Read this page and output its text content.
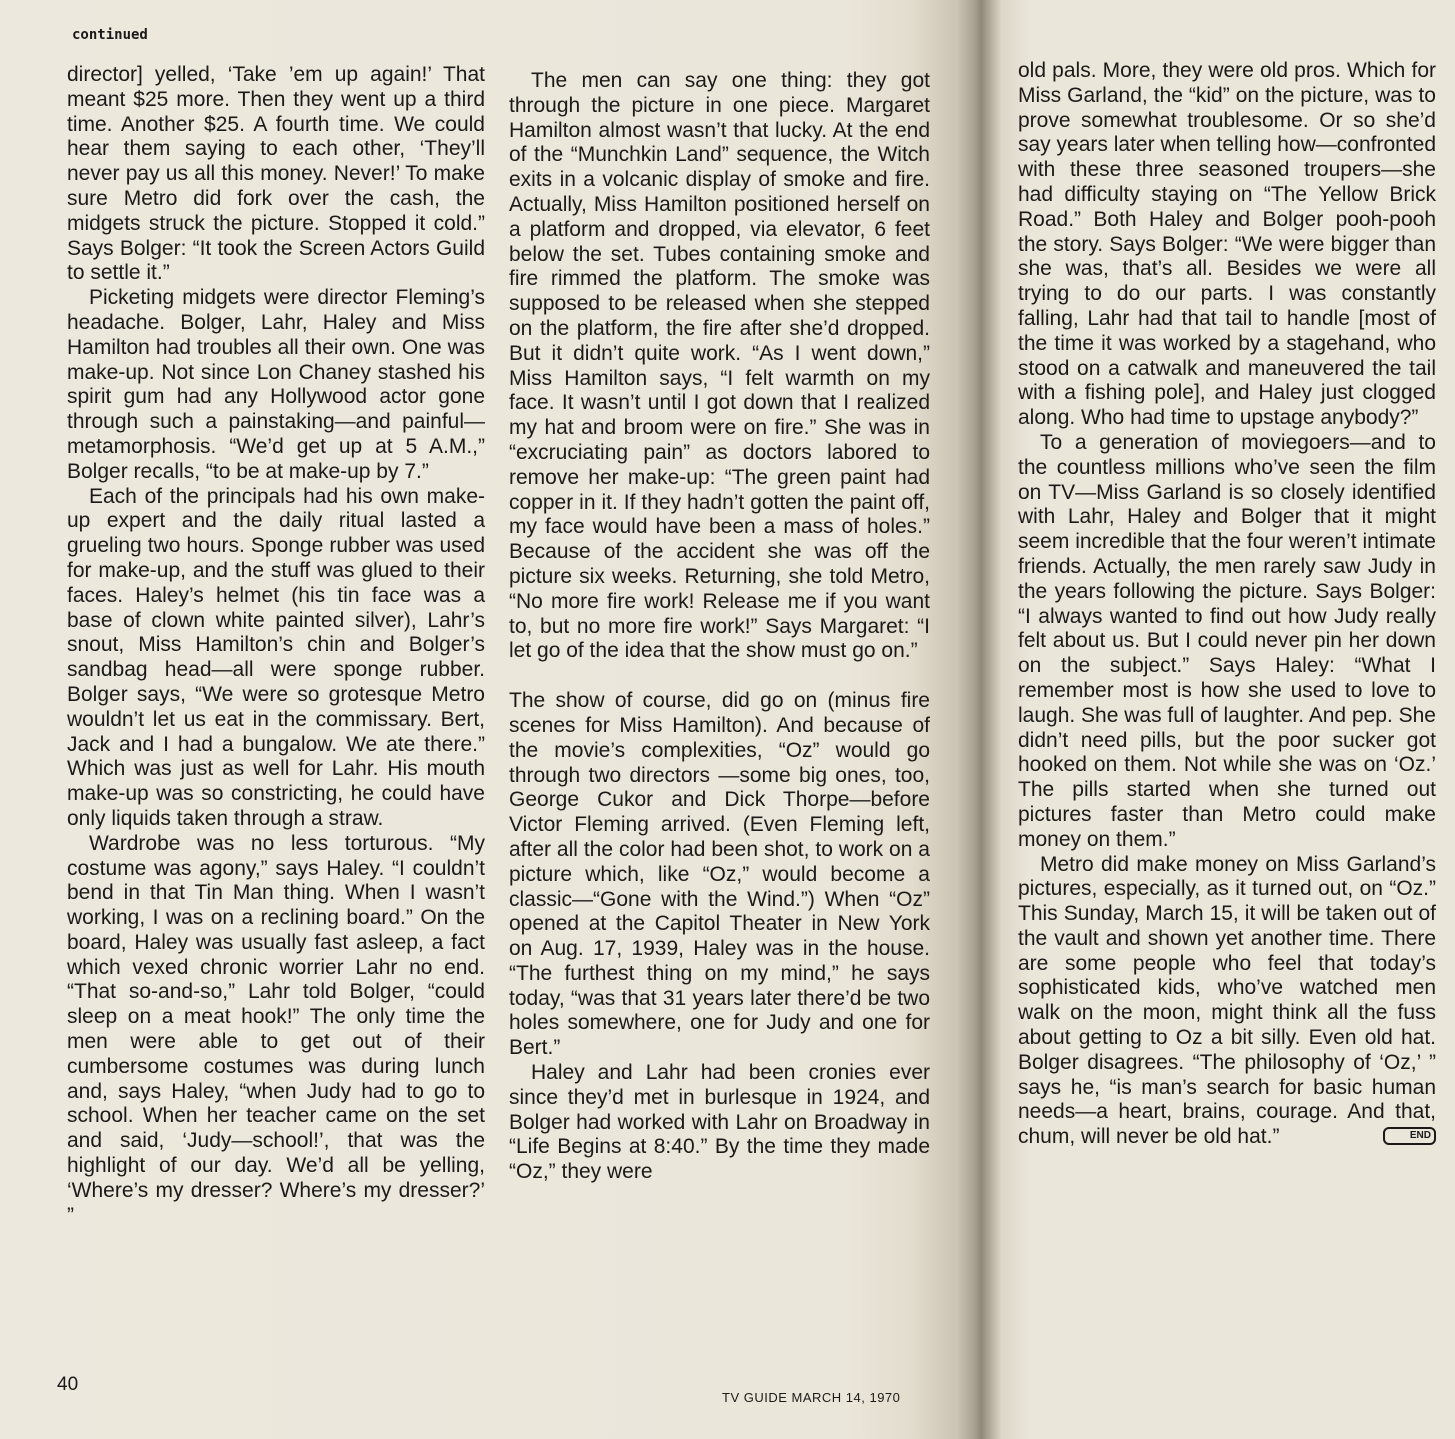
continued

director] yelled, ‘Take ’em up again!’ That meant $25 more. Then they went up a third time. Another $25. A fourth time. We could hear them saying to each other, ‘They’ll never pay us all this money. Never!’ To make sure Metro did fork over the cash, the midgets struck the picture. Stopped it cold.” Says Bolger: “It took the Screen Actors Guild to settle it.”

Picketing midgets were director Fleming’s headache. Bolger, Lahr, Haley and Miss Hamilton had troubles all their own. One was make-up. Not since Lon Chaney stashed his spirit gum had any Hollywood actor gone through such a painstaking—and painful—metamorphosis. “We’d get up at 5 A.M.,” Bolger recalls, “to be at make-up by 7.”

Each of the principals had his own make-up expert and the daily ritual lasted a grueling two hours. Sponge rubber was used for make-up, and the stuff was glued to their faces. Haley’s helmet (his tin face was a base of clown white painted silver), Lahr’s snout, Miss Hamilton’s chin and Bolger’s sandbag head—all were sponge rubber. Bolger says, “We were so grotesque Metro wouldn’t let us eat in the commissary. Bert, Jack and I had a bungalow. We ate there.” Which was just as well for Lahr. His mouth make-up was so constricting, he could have only liquids taken through a straw.

Wardrobe was no less torturous. “My costume was agony,” says Haley. “I couldn’t bend in that Tin Man thing. When I wasn’t working, I was on a reclining board.” On the board, Haley was usually fast asleep, a fact which vexed chronic worrier Lahr no end. “That so-and-so,” Lahr told Bolger, “could sleep on a meat hook!” The only time the men were able to get out of their cumbersome costumes was during lunch and, says Haley, “when Judy had to go to school. When her teacher came on the set and said, ‘Judy—school!’, that was the highlight of our day. We’d all be yelling, ‘Where’s my dresser? Where’s my dresser?’ ”

The men can say one thing: they got through the picture in one piece. Margaret Hamilton almost wasn’t that lucky. At the end of the “Munchkin Land” sequence, the Witch exits in a volcanic display of smoke and fire. Actually, Miss Hamilton positioned herself on a platform and dropped, via elevator, 6 feet below the set. Tubes containing smoke and fire rimmed the platform. The smoke was supposed to be released when she stepped on the platform, the fire after she’d dropped. But it didn’t quite work. “As I went down,” Miss Hamilton says, “I felt warmth on my face. It wasn’t until I got down that I realized my hat and broom were on fire.” She was in “excruciating pain” as doctors labored to remove her make-up: “The green paint had copper in it. If they hadn’t gotten the paint off, my face would have been a mass of holes.” Because of the accident she was off the picture six weeks. Returning, she told Metro, “No more fire work! Release me if you want to, but no more fire work!” Says Margaret: “I let go of the idea that the show must go on.”

The show of course, did go on (minus fire scenes for Miss Hamilton). And because of the movie’s complexities, “Oz” would go through two directors —some big ones, too, George Cukor and Dick Thorpe—before Victor Fleming arrived. (Even Fleming left, after all the color had been shot, to work on a picture which, like “Oz,” would become a classic—“Gone with the Wind.”) When “Oz” opened at the Capitol Theater in New York on Aug. 17, 1939, Haley was in the house. “The furthest thing on my mind,” he says today, “was that 31 years later there’d be two holes somewhere, one for Judy and one for Bert.”

Haley and Lahr had been cronies ever since they’d met in burlesque in 1924, and Bolger had worked with Lahr on Broadway in “Life Begins at 8:40.” By the time they made “Oz,” they were

old pals. More, they were old pros. Which for Miss Garland, the “kid” on the picture, was to prove somewhat troublesome. Or so she’d say years later when telling how—confronted with these three seasoned troupers—she had difficulty staying on “The Yellow Brick Road.” Both Haley and Bolger pooh-pooh the story. Says Bolger: “We were bigger than she was, that’s all. Besides we were all trying to do our parts. I was constantly falling, Lahr had that tail to handle [most of the time it was worked by a stagehand, who stood on a catwalk and maneuvered the tail with a fishing pole], and Haley just clogged along. Who had time to upstage anybody?”

To a generation of moviegoers—and to the countless millions who’ve seen the film on TV—Miss Garland is so closely identified with Lahr, Haley and Bolger that it might seem incredible that the four weren’t intimate friends. Actually, the men rarely saw Judy in the years following the picture. Says Bolger: “I always wanted to find out how Judy really felt about us. But I could never pin her down on the subject.” Says Haley: “What I remember most is how she used to love to laugh. She was full of laughter. And pep. She didn’t need pills, but the poor sucker got hooked on them. Not while she was on ‘Oz.’ The pills started when she turned out pictures faster than Metro could make money on them.”

Metro did make money on Miss Garland’s pictures, especially, as it turned out, on “Oz.” This Sunday, March 15, it will be taken out of the vault and shown yet another time. There are some people who feel that today’s sophisticated kids, who’ve watched men walk on the moon, might think all the fuss about getting to Oz a bit silly. Even old hat. Bolger disagrees. “The philosophy of ‘Oz,’ ” says he, “is man’s search for basic human needs—a heart, brains, courage. And that, chum, will never be old hat.”	END

40
TV GUIDE MARCH 14, 1970
